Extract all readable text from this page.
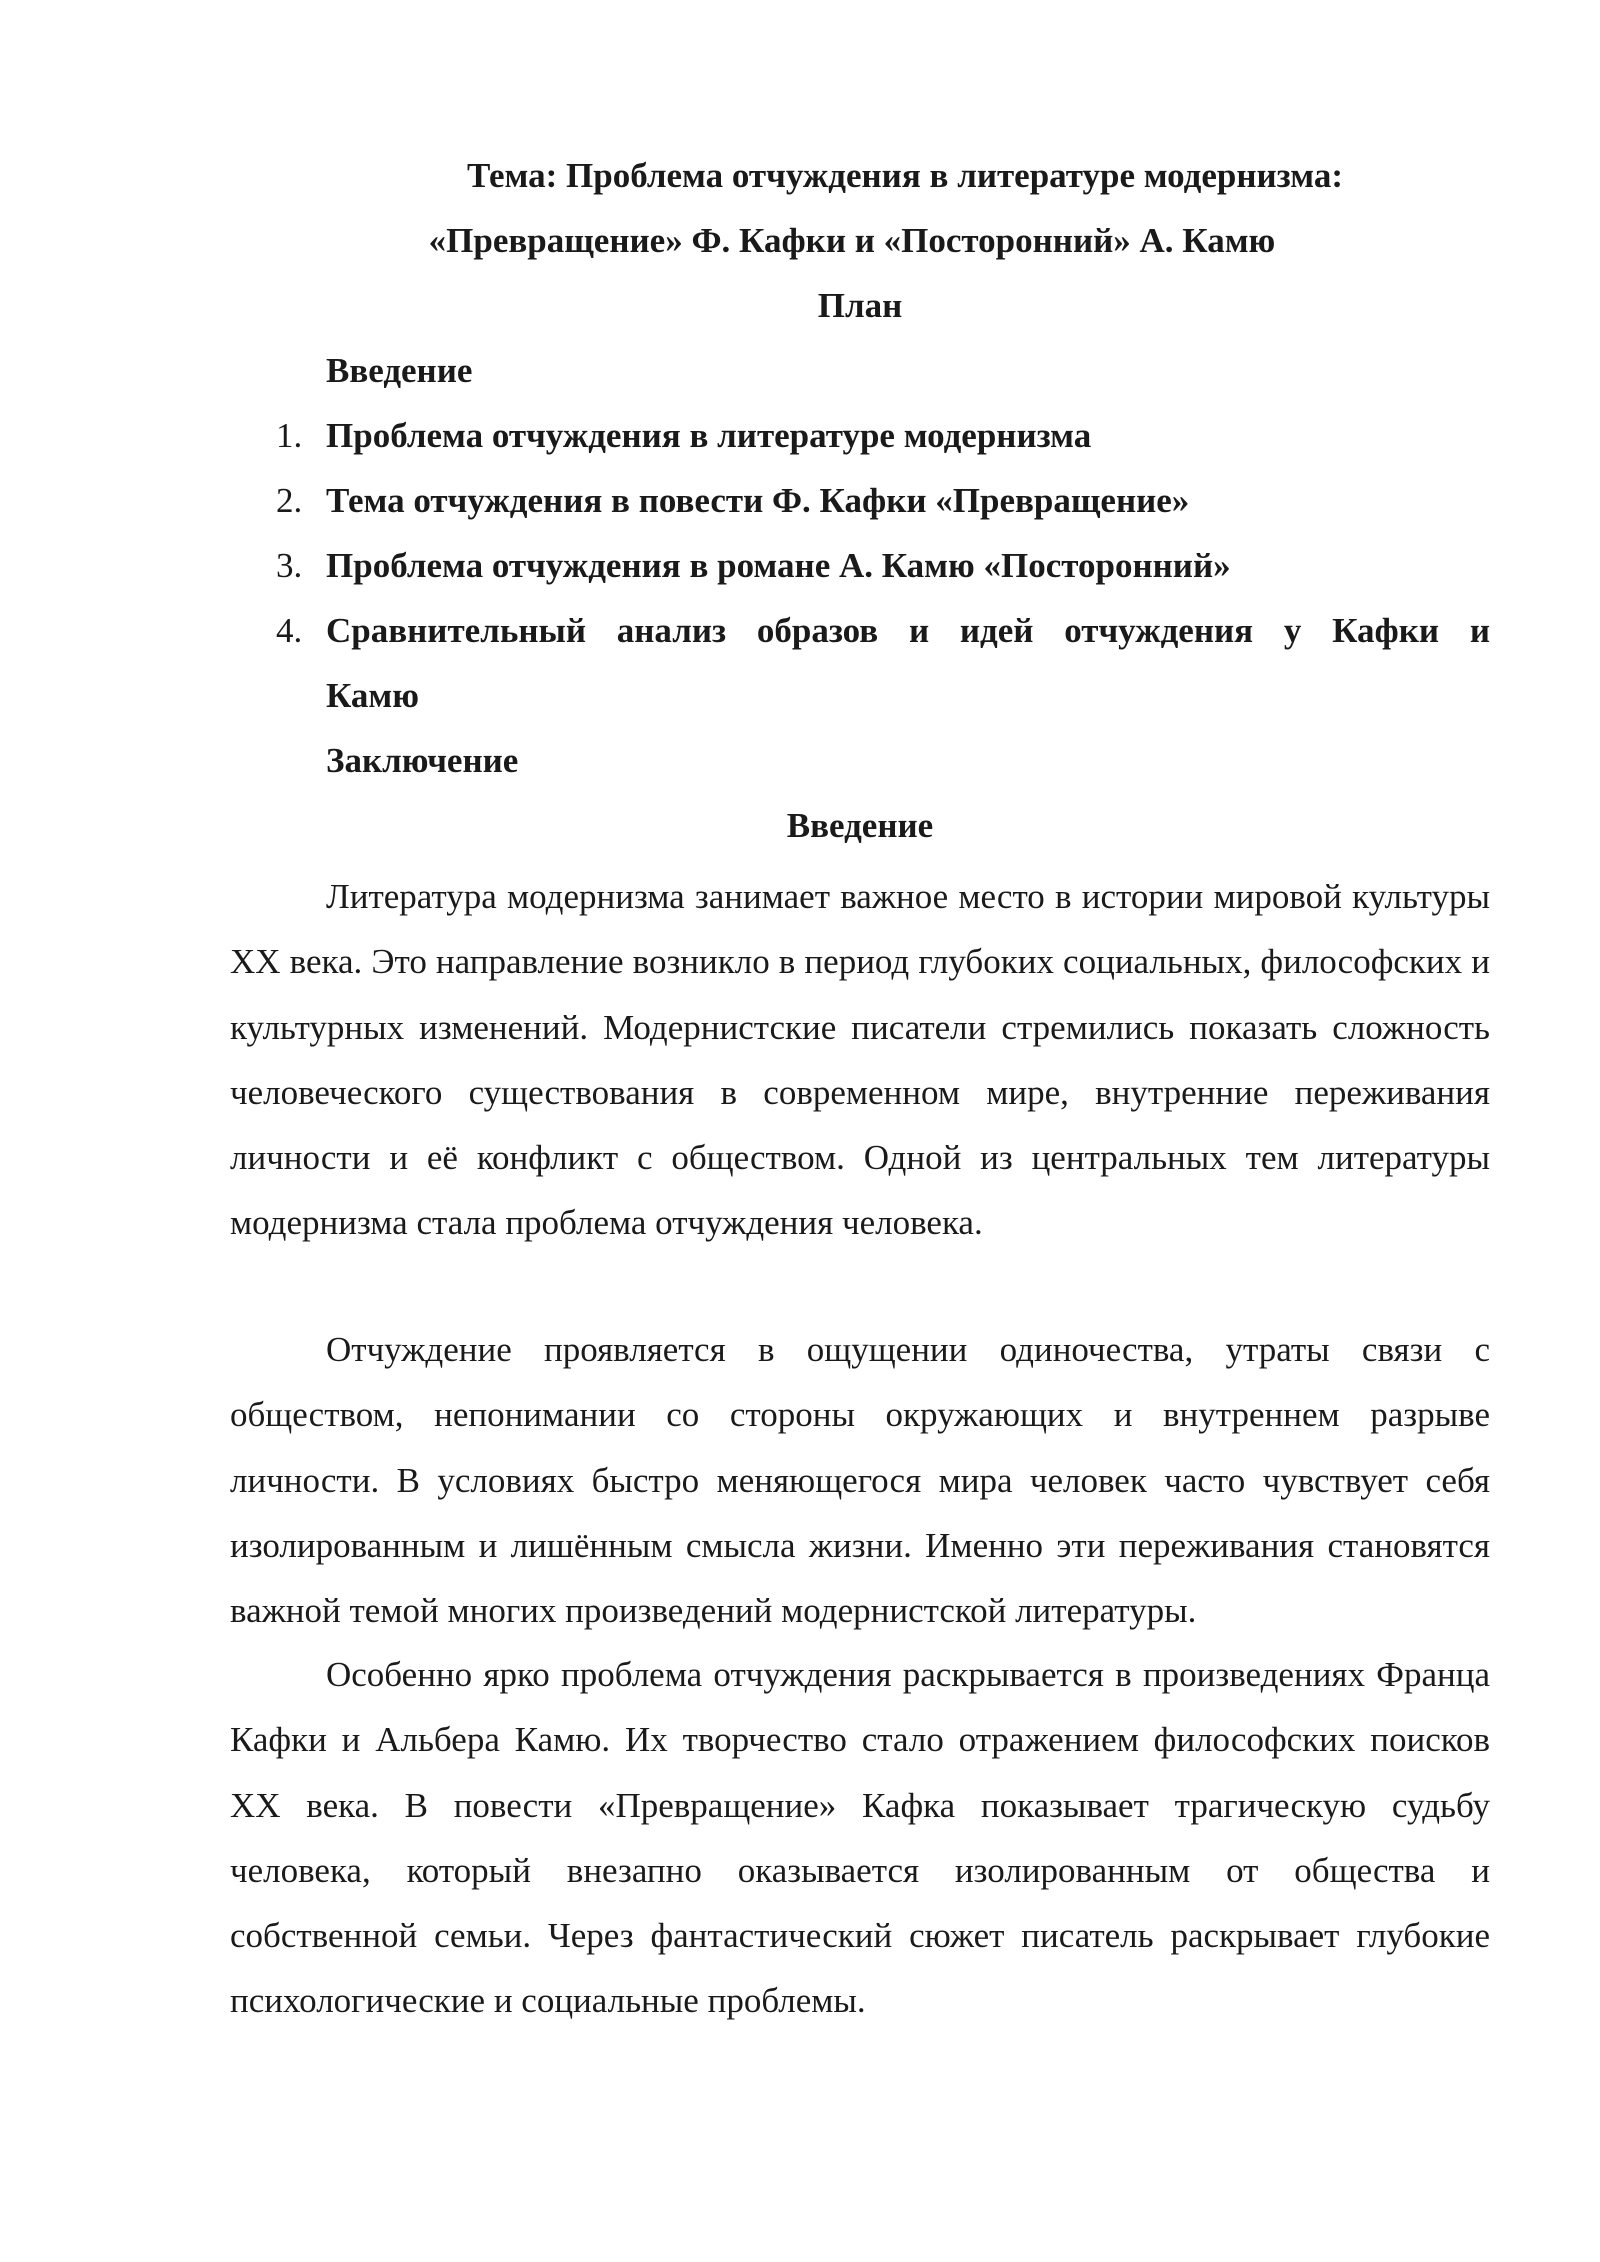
Тема: Проблема отчуждения в литературе модернизма:
«Превращение» Ф. Кафки и «Посторонний» А. Камю
План
Введение
1. Проблема отчуждения в литературе модернизма
2. Тема отчуждения в повести Ф. Кафки «Превращение»
3. Проблема отчуждения в романе А. Камю «Посторонний»
4. Сравнительный анализ образов и идей отчуждения у Кафки и
Камю
Заключение
Введение

Литература модернизма занимает важное место в истории мировой культуры XX века. Это направление возникло в период глубоких социальных, философских и культурных изменений. Модернистские писатели стремились показать сложность человеческого существования в современном мире, внутренние переживания личности и её конфликт с обществом. Одной из центральных тем литературы модернизма стала проблема отчуждения человека.

Отчуждение проявляется в ощущении одиночества, утраты связи с обществом, непонимании со стороны окружающих и внутреннем разрыве личности. В условиях быстро меняющегося мира человек часто чувствует себя изолированным и лишённым смысла жизни. Именно эти переживания становятся важной темой многих произведений модернистской литературы.

Особенно ярко проблема отчуждения раскрывается в произведениях Франца Кафки и Альбера Камю. Их творчество стало отражением философских поисков XX века. В повести «Превращение» Кафка показывает трагическую судьбу человека, который внезапно оказывается изолированным от общества и собственной семьи. Через фантастический сюжет писатель раскрывает глубокие психологические и социальные проблемы.
